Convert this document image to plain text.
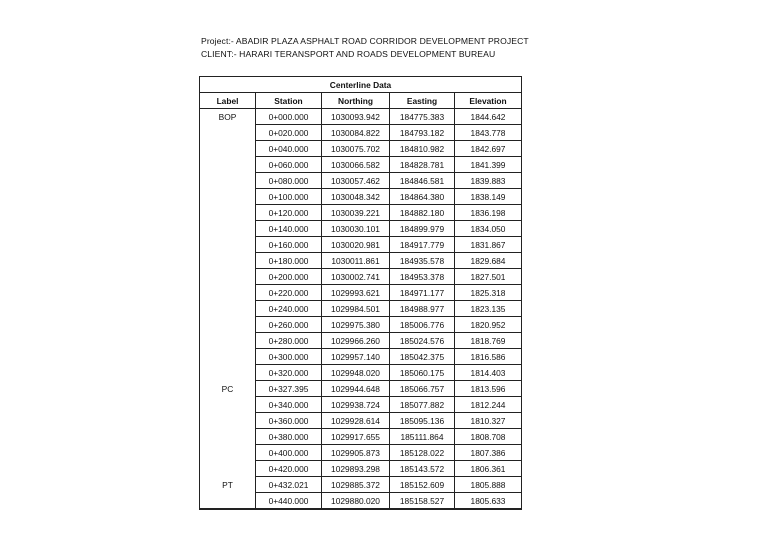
Project:- ABADIR PLAZA ASPHALT ROAD CORRIDOR DEVELOPMENT PROJECT
CLIENT:- HARARI TERANSPORT AND ROADS DEVELOPMENT BUREAU
Centerline Data				
Label	Station	Northing	Easting	Elevation
BOP	0+000.000	1030093.942	184775.383	1844.642
	0+020.000	1030084.822	184793.182	1843.778
	0+040.000	1030075.702	184810.982	1842.697
	0+060.000	1030066.582	184828.781	1841.399
	0+080.000	1030057.462	184846.581	1839.883
	0+100.000	1030048.342	184864.380	1838.149
	0+120.000	1030039.221	184882.180	1836.198
	0+140.000	1030030.101	184899.979	1834.050
	0+160.000	1030020.981	184917.779	1831.867
	0+180.000	1030011.861	184935.578	1829.684
	0+200.000	1030002.741	184953.378	1827.501
	0+220.000	1029993.621	184971.177	1825.318
	0+240.000	1029984.501	184988.977	1823.135
	0+260.000	1029975.380	185006.776	1820.952
	0+280.000	1029966.260	185024.576	1818.769
	0+300.000	1029957.140	185042.375	1816.586
	0+320.000	1029948.020	185060.175	1814.403
PC	0+327.395	1029944.648	185066.757	1813.596
	0+340.000	1029938.724	185077.882	1812.244
	0+360.000	1029928.614	185095.136	1810.327
	0+380.000	1029917.655	185111.864	1808.708
	0+400.000	1029905.873	185128.022	1807.386
	0+420.000	1029893.298	185143.572	1806.361
PT	0+432.021	1029885.372	185152.609	1805.888
	0+440.000	1029880.020	185158.527	1805.633
